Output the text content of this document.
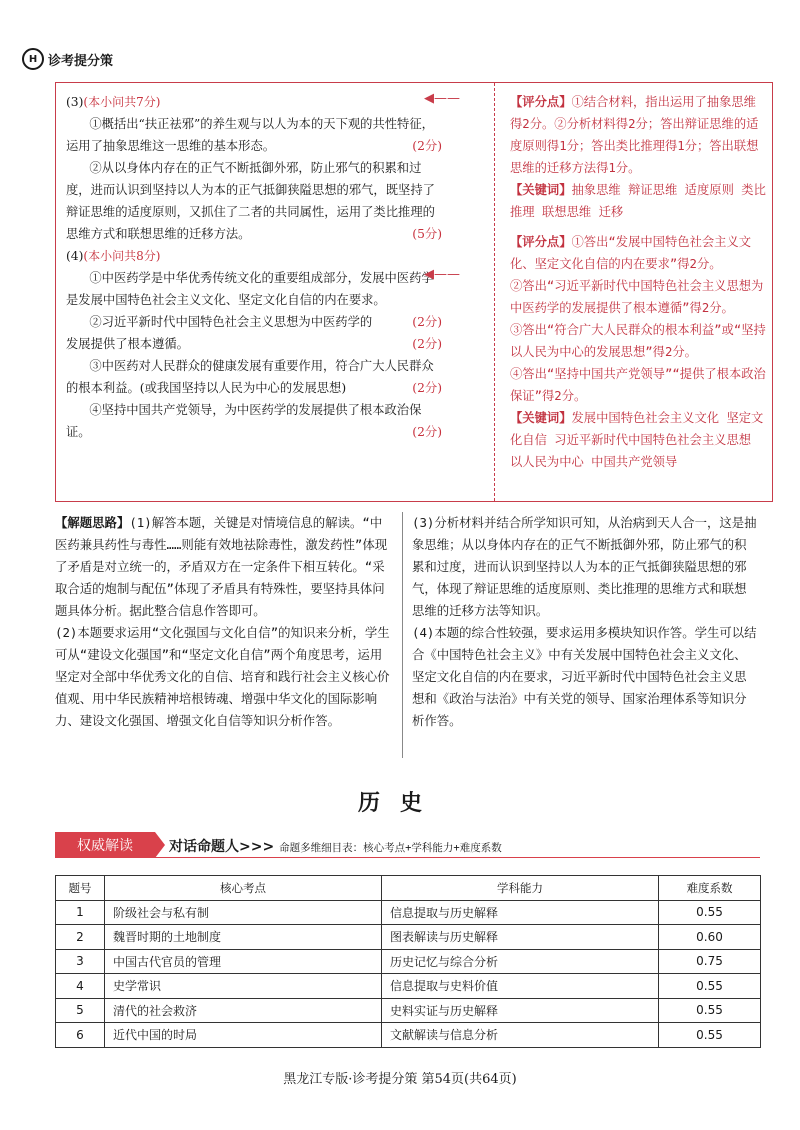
H 诊考提分策

(3)(本小问共7分)

①概括出“扶正祛邪”的养生观与以人为本的天下观的共性特征，运用了抽象思维这一思维的基本形态。	(2分)

②从以身体内存在的正气不断抵御外邪，防止邪气的积累和过度，进而认识到坚持以人为本的正气抵御狭隘思想的邪气，既坚持了辩证思维的适度原则，又抓住了二者的共同属性，运用了类比推理的思维方式和联想思维的迁移方法。	(5分)

(4)(本小问共8分)

①中医药学是中华优秀传统文化的重要组成部分，发展中医药学是发展中国特色社会主义文化、坚定文化自信的内在要求。
(2分)

②习近平新时代中国特色社会主义思想为中医药学的发展提供了根本遵循。	(2分)

③中医药对人民群众的健康发展有重要作用，符合广大人民群众的根本利益。(或我国坚持以人民为中心的发展思想)	(2分)

④坚持中国共产党领导，为中医药学的发展提供了根本政治保证。	(2分)

◀——
◀——

【评分点】①结合材料，指出运用了抽象思维得2分。②分析材料得2分；答出辩证思维的适度原则得1分；答出类比推理得1分；答出联想思维的迁移方法得1分。

【关键词】抽象思维 辩证思维 适度原则 类比推理 联想思维 迁移

【评分点】①答出“发展中国特色社会主义文化、坚定文化自信的内在要求”得2分。

②答出“习近平新时代中国特色社会主义思想为中医药学的发展提供了根本遵循”得2分。

③答出“符合广大人民群众的根本利益”或“坚持以人民为中心的发展思想”得2分。

④答出“坚持中国共产党领导”“提供了根本政治保证”得2分。

【关键词】发展中国特色社会主义文化 坚定文化自信 习近平新时代中国特色社会主义思想 以人民为中心 中国共产党领导

【解题思路】(1)解答本题，关键是对情境信息的解读。“中医药兼具药性与毒性……则能有效地祛除毒性，激发药性”体现了矛盾是对立统一的，矛盾双方在一定条件下相互转化。“采取合适的炮制与配伍”体现了矛盾具有特殊性，要坚持具体问题具体分析。据此整合信息作答即可。

(2)本题要求运用“文化强国与文化自信”的知识来分析，学生可从“建设文化强国”和“坚定文化自信”两个角度思考，运用坚定对全部中华优秀文化的自信、培育和践行社会主义核心价值观、用中华民族精神培根铸魂、增强中华文化的国际影响力、建设文化强国、增强文化自信等知识分析作答。

(3)分析材料并结合所学知识可知，从治病到天人合一，这是抽象思维；从以身体内存在的正气不断抵御外邪，防止邪气的积累和过度，进而认识到坚持以人为本的正气抵御狭隘思想的邪气，体现了辩证思维的适度原则、类比推理的思维方式和联想思维的迁移方法等知识。

(4)本题的综合性较强，要求运用多模块知识作答。学生可以结合《中国特色社会主义》中有关发展中国特色社会主义文化、坚定文化自信的内在要求，习近平新时代中国特色社会主义思想和《政治与法治》中有关党的领导、国家治理体系等知识分析作答。

历史
权威解读	对话命题人>>> 命题多维细目表：核心考点+学科能力+难度系数
题号	核心考点	学科能力	难度系数
1	阶级社会与私有制	信息提取与历史解释	0.55
2	魏晋时期的土地制度	图表解读与历史解释	0.60
3	中国古代官员的管理	历史记忆与综合分析	0.75
4	史学常识	信息提取与史料价值	0.55
5	清代的社会救济	史料实证与历史解释	0.55
6	近代中国的时局	文献解读与信息分析	0.55
黑龙江专版·诊考提分策 第54页(共64页)
